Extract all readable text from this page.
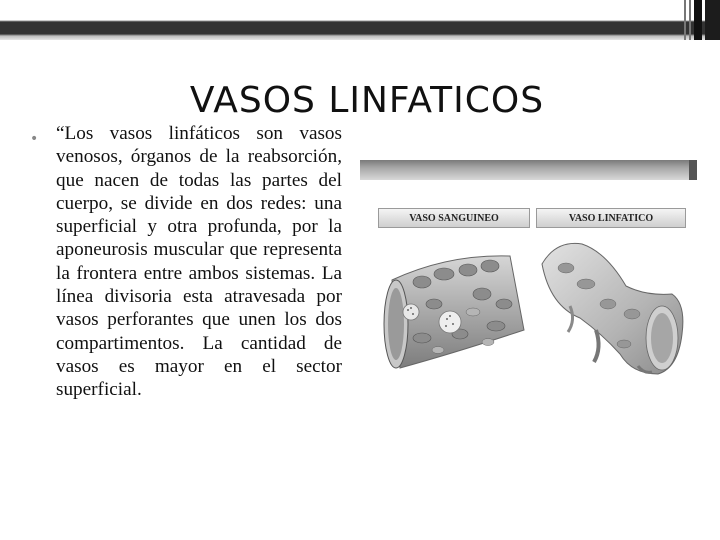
VASOS LINFATICOS
• “Los vasos linfáticos son vasos venosos, órganos de la reabsorción, que nacen de todas las partes del cuerpo, se divide en dos redes: una superficial y otra profunda, por la aponeurosis muscular que representa la frontera entre ambos sistemas. La línea divisoria esta atravesada por vasos perforantes que unen los dos compartimentos. La cantidad de vasos es mayor en el sector superficial.
VASO SANGUINEO	VASO LINFATICO
